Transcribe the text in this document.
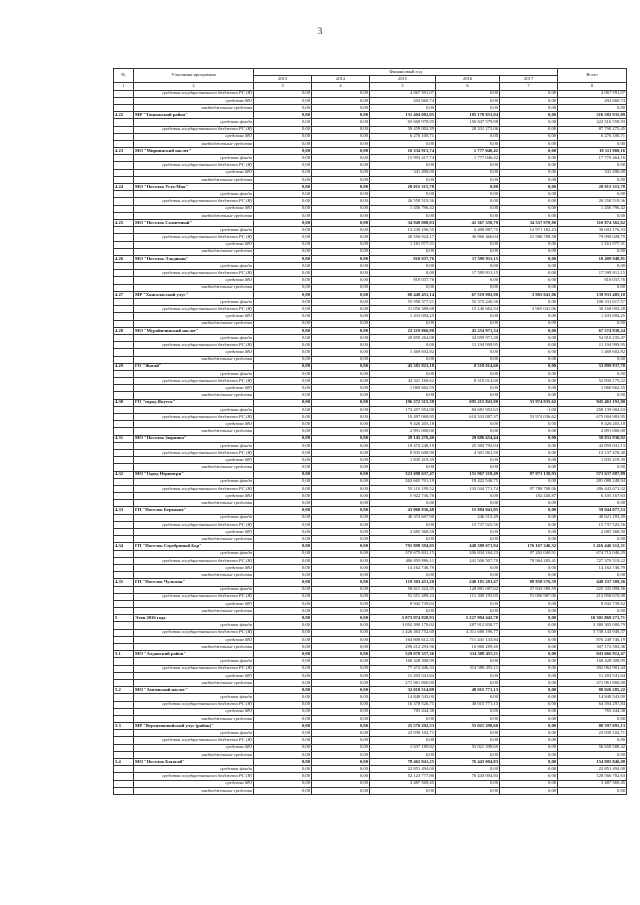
3
№	Участники программы	Финансовый год					Всего
		2013	2014	2015	2016	2017	
1	2	3	4	5	6	7	8
	средства государственного бюджета РС (Я)	0,00	0,00	4 067 591,07	0,00	0,00	4 067 591,07
	средства МО	0,00	0,00	292 660,74	0,00	0,00	292 660,74
	внебюджетные средства	0,00	0,00	0,00	0,00	0,00	0,00
4.22	МР "Томпонский район"	0,00	0,00	131 404 082,05	185 178 853,04	0,00	316 582 935,09
	средства фонда	0,00	0,00	65 668 978,95	156 847 579,98	0,00	222 516 558,93
	средства государственного бюджета РС (Я)	0,00	0,00	59 459 002,39	28 331 273,06	0,00	87 790 275,45
	средства МО	0,00	0,00	6 276 100,71	0,00	0,00	6 276 100,71
	внебюджетные средства	0,00	0,00	0,00	0,00	0,00	0,00
4.23	МО "Мирнинский наслег"	0,00	0,00	16 334 913,74	1 777 046,42	0,00	18 111 960,16
	средства фонда	0,00	0,00	15 993 417,74	1 777 046,42	0,00	17 770 464,16
	средства государственного бюджета РС (Я)	0,00	0,00	0,00	0,00	0,00	0,00
	средства МО	0,00	0,00	341 496,00	0,00	0,00	341 496,00
	внебюджетные средства	0,00	0,00	0,00	0,00	0,00	0,00
4.24	МО "Поселок Усть-Мая"	0,00	0,00	28 015 315,78	0,00	0,00	28 015 315,78
	средства фонда	0,00	0,00	0,00	0,00	0,00	0,00
	средства государственного бюджета РС (Я)	0,00	0,00	26 558 519,36	0,00	0,00	26 558 519,36
	средства МО	0,00	0,00	1 456 796,42	0,00	0,00	1 456 796,42
	внебюджетные средства	0,00	0,00	0,00	0,00	0,00	0,00
4.25	МО "Поселок Солнечный"	0,00	0,00	34 949 008,03	41 367 358,79	34 557 970,80	110 874 362,62
	средства фонда	0,00	0,00	13 230 106,55	4 400 887,75	12 971 182,23	30 602 176,53
	средства государственного бюджета РС (Я)	0,00	0,00	20 556 924,17	36 966 466,04	21 586 788,58	79 090 028,79
	средства МО	0,00	0,00	1 161 977,31	0,00	0,00	1 161 977,31
	внебюджетные средства	0,00	0,00	0,00	0,00	0,00	0,00
4.26	МО "Поселок Эльдикан"	0,00	0,00	810 037,76	17 599 911,15	0,00	18 409 948,91
	средства фонда	0,00	0,00	0,00	0,00	0,00	0,00
	средства государственного бюджета РС (Я)	0,00	0,00	0,00	17 599 911,15	0,00	17 599 911,15
	средства МО	0,00	0,00	810 037,76	0,00	0,00	810 037,76
	внебюджетные средства	0,00	0,00	0,00	0,00	0,00	0,00
4.27	МР "Хангаласский улус"	0,00	0,00	68 448 451,14	67 519 902,90	3 965 041,06	139 933 485,10
	средства фонда	0,00	0,00	55 958 377,21	52 373 240,36	0,00	108 331 617,57
	средства государственного бюджета РС (Я)	0,00	0,00	11 056 389,68	15 146 662,54	3 965 041,06	30 168 093,28
	средства МО	0,00	0,00	1 433 694,25	0,00	0,00	1 433 694,25
	внебюджетные средства	0,00	0,00	0,00	0,00	0,00	0,00
4.28	МО "Мурайичинский наслег"	0,00	0,00	22 319 866,90	45 254 971,34	0,00	67 574 838,24
	средства фонда	0,00	0,00	20 850 264,08	34 059 971,39	0,00	54 910 235,47
	средства государственного бюджета РС (Я)	0,00	0,00	0,00	11 194 999,95	0,00	11 194 999,95
	средства МО	0,00	0,00	1 469 602,82	0,00	0,00	1 469 602,82
	внебюджетные средства	0,00	0,00	0,00	0,00	0,00	0,00
4.29	ГО "Жатай"	0,00	0,00	45 381 823,18	8 518 014,60	0,00	53 899 837,78
	средства фонда	0,00	0,00	0,00	0,00	0,00	0,00
	средства государственного бюджета РС (Я)	0,00	0,00	44 321 160,62	8 518 014,60	0,00	52 839 175,22
	средства МО	0,00	0,00	1 060 662,55	0,00	0,00	1 060 662,55
	внебюджетные средства	0,00	0,00	0,00	0,00	0,00	0,00
4.30	ГО "город Якутск"	0,00	0,00	196 272 315,38	695 215 841,00	53 974 035,62	945 461 191,00
	средства фонда	0,00	0,00	173 457 052,00	84 681 953,63	-1,00	258 139 004,63
	средства государственного бюджета РС (Я)	0,00	0,00	10 497 060,95	610 533 887,37	53 974 036,62	675 004 983,95
	средства МО	0,00	0,00	9 426 203,18	0,00	0,00	9 426 203,18
	внебюджетные средства	0,00	0,00	2 891 000,00	0,00	0,00	2 891 000,00
4.31	МО "Поселок Зырянка"	0,00	0,00	29 145 276,40	29 686 654,44	0,00	58 831 930,92
	средства фонда	0,00	0,00	18 474 248,19	25 384 792,94	0,00	43 859 041,13
	средства государственного бюджета РС (Я)	0,00	0,00	8 835 608,90	4 301 861,50	0,00	13 137 470,40
	средства МО	0,00	0,00	1 835 419,39	0,00	0,00	1 835 419,39
	внебюджетные средства	0,00	0,00	0,00	0,00	0,00	0,00
4.32	МО "Город Нерюнгри"	0,00	0,00	323 698 637,47	151 967 318,49	97 971 139,93	573 637 087,89
	средства фонда	0,00	0,00	262 665 701,19	18 422 546,75	0,00	281 088 248,94
	средства государственного бюджета РС (Я)	0,00	0,00	55 110 199,52	133 544 771,74	97 788 708,06	286 443 671,32
	средства МО	0,00	0,00	5 922 736,76	0,00	182 430,87	6 105 167,63
	внебюджетные средства	0,00	0,00	0,00	0,00	0,00	0,00
4.33	ГП "Поселок Беркакит"	0,00	0,00	43 060 036,48	15 984 041,05	0,00	59 044 077,53
	средства фонда	0,00	0,00	40 374 667,90	246 515,49	0,00	40 621 183,39
	средства государственного бюджета РС (Я)	0,00	0,00	0,00	15 737 525,56	0,00	15 737 525,56
	средства МО	0,00	0,00	2 685 368,58	0,00	0,00	2 685 368,58
	внебюджетные средства	0,00	0,00	0,00	0,00	0,00	0,00
4.34	ГП "Поселок Серебряный Бор"	0,00	0,00	791 898 394,05	448 380 671,94	176 167 246,32	1 416 446 312,31
	средства фонда	0,00	0,00	370 675 841,15	206 834 164,23	97 202 040,91	674 712 046,29
	средства государственного бюджета РС (Я)	0,00	0,00	406 859 806,11	241 506 507,70	78 964 205,41	727 370 519,22
	средства МО	0,00	0,00	14 162 746,79	0,00	0,00	14 162 746,79
	внебюджетные средства	0,00	0,00	0,00	0,00	0,00	0,00
4.35	ГП "Поселок Чульман"	0,00	0,00	119 303 451,20	240 181 281,47	88 850 576,59	448 337 309,26
	средства фонда	0,00	0,00	58 611 222,35	128 881 087,62	37 843 589,59	225 335 899,56
	средства государственного бюджета РС (Я)	0,00	0,00	51 551 489,23	111 300 193,85	51 006 987,00	213 858 670,08
	средства МО	0,00	0,00	8 942 739,62	0,00	0,00	8 942 739,62
	внебюджетные средства	0,00	0,00	0,00	0,00	0,00	0,00
5	Этап 2016 года	0,00	0,00	5 073 874 828,93	5 227 994 442,78	0,00	10 301 869 271,71
	средства фонда	0,00	0,00	3 092 390 170,02	287 912 830,77	0,00	3 380 303 000,79
	средства государственного бюджета РС (Я)	0,00	0,00	1 426 463 752,60	4 311 680 196,77	0,00	5 738 143 949,37
	средства МО	0,00	0,00	164 808 612,35	711 441 133,84	0,00	876 249 746,19
	внебюджетные средства	0,00	0,00	290 212 293,96	16 960 289,40	0,00	307 172 583,36
5.1	МО "Алданский район"	0,00	0,00	529 078 357,36	314 588 455,11	0,00	843 666 812,47
	средства фонда	0,00	0,00	168 428 308,99	0,00	0,00	168 428 308,99
	средства государственного бюджета РС (Я)	0,00	0,00	77 474 446,33	314 588 455,11	0,00	392 062 901,44
	средства МО	0,00	0,00	11 203 541,64	0,00	0,00	11 203 541,64
	внебюджетные средства	0,00	0,00	271 961 860,00	0,00	0,00	271 961 860,00
5.2	МО "Амгинский наслег"	0,00	0,00	32 010 514,09	48 015 771,13	0,00	80 026 285,22
	средства фонда	0,00	0,00	14 848 543,00	0,00	0,00	14 848 543,00
	средства государственного бюджета РС (Я)	0,00	0,00	16 378 526,71	48 015 771,13	0,00	64 394 297,84
	средства МО	0,00	0,00	783 444,38	0,00	0,00	783 444,38
	внебюджетные средства	0,00	0,00	0,00	0,00	0,00	0,00
5.3	МР "Верхневилюйский улус (район)"	0,00	0,00	25 576 292,53	55 021 398,60	0,00	80 597 691,13
	средства фонда	0,00	0,00	23 939 102,71	0,00	0,00	23 939 102,71
	средства государственного бюджета РС (Я)	0,00	0,00	0,00	0,00	0,00	0,00
	средства МО	0,00	0,00	1 637 189,82	55 021 398,60	0,00	56 658 588,42
	внебюджетные средства	0,00	0,00	0,00	0,00	0,00	0,00
5.4	МО "Поселок Батагай"	0,00	0,00	78 462 841,25	76 443 004,83	0,00	154 905 846,08
	средства фонда	0,00	0,00	22 851 494,00	0,00	0,00	22 851 494,00
	средства государственного бюджета РС (Я)	0,00	0,00	52 123 777,80	76 443 004,83	0,00	128 566 782,63
	средства МО	0,00	0,00	3 487 569,45	0,00	0,00	3 487 569,45
	внебюджетные средства	0,00	0,00	0,00	0,00	0,00	0,00
